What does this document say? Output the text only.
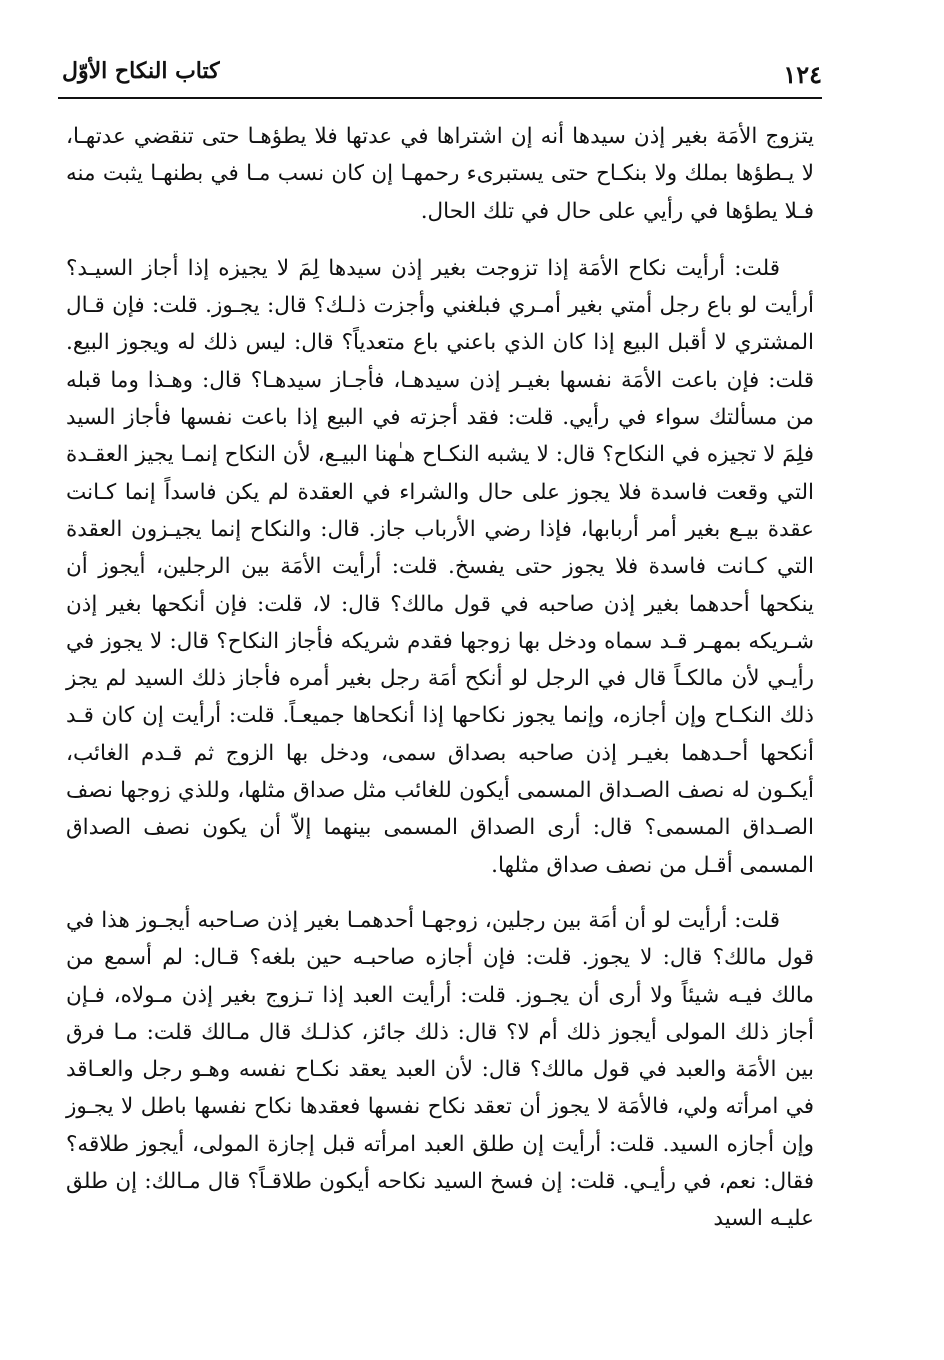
١٢٤
كتاب النكاح الأوّل

يتزوج الأمَة بغير إذن سيدها أنه إن اشتراها في عدتها فلا يطؤهـا حتى تنقضي عدتهـا، لا يـطؤها بملك ولا بنكـاح حتى يستبرىء رحمهـا إن كان نسب مـا في بطنهـا يثبت منه فـلا يطؤها في رأيي على حال في تلك الحال.

قلت: أرأيت نكاح الأمَة إذا تزوجت بغير إذن سيدها لِمَ لا يجيزه إذا أجاز السيـد؟ أرأيت لو باع رجل أمتي بغير أمـري فبلغني وأجزت ذلـك؟ قال: يجـوز. قلت: فإن قـال المشتري لا أقبل البيع إذا كان الذي باعني باع متعدياً؟ قال: ليس ذلك له ويجوز البيع. قلت: فإن باعت الأمَة نفسها بغيـر إذن سيدهـا، فأجـاز سيدهـا؟ قال: وهـذا وما قبله من مسألتك سواء في رأيي. قلت: فقد أجزته في البيع إذا باعت نفسها فأجاز السيد فلِمَ لا تجيزه في النكاح؟ قال: لا يشبه النكـاح هـٰهنا البيـع، لأن النكاح إنمـا يجيز العقـدة التي وقعت فاسدة فلا يجوز على حال والشراء في العقدة لم يكن فاسداً إنما كـانت عقدة بيـع بغير أمر أربابها، فإذا رضي الأرباب جاز. قال: والنكاح إنما يجيـزون العقدة التي كـانت فاسدة فلا يجوز حتى يفسخ. قلت: أرأيت الأمَة بين الرجلين، أيجوز أن ينكحها أحدهما بغير إذن صاحبه في قول مالك؟ قال: لا، قلت: فإن أنكحها بغير إذن شـريكه بمهـر قـد سماه ودخل بها زوجها فقدم شريكه فأجاز النكاح؟ قال: لا يجوز في رأيـي لأن مالكـاً قال في الرجل لو أنكح أمَة رجل بغير أمره فأجاز ذلك السيد لم يجز ذلك النكـاح وإن أجازه، وإنما يجوز نكاحها إذا أنكحاها جميعـاً. قلت: أرأيت إن كان قـد أنكحها أحـدهما بغيـر إذن صاحبه بصداق سمى، ودخل بها الزوج ثم قـدم الغائب، أيكـون له نصف الصـداق المسمى أيكون للغائب مثل صداق مثلها، وللذي زوجها نصف الصـداق المسمى؟ قال: أرى الصداق المسمى بينهما إلاّ أن يكون نصف الصداق المسمى أقـل من نصف صداق مثلها.

قلت: أرأيت لو أن أمَة بين رجلين، زوجهـا أحدهمـا بغير إذن صـاحبه أيجـوز هذا في قول مالك؟ قال: لا يجوز. قلت: فإن أجازه صاحبـه حين بلغه؟ قـال: لم أسمع من مالك فيـه شيئاً ولا أرى أن يجـوز. قلت: أرأيت العبد إذا تـزوج بغير إذن مـولاه، فـإن أجاز ذلك المولى أيجوز ذلك أم لا؟ قال: ذلك جائز، كذلـك قال مـالك قلت: مـا فرق بين الأمَة والعبد في قول مالك؟ قال: لأن العبد يعقد نكـاح نفسه وهـو رجل والعـاقد في امرأته ولي، فالأمَة لا يجوز أن تعقد نكاح نفسها فعقدها نكاح نفسها باطل لا يجـوز وإن أجازه السيد. قلت: أرأيت إن طلق العبد امرأته قبل إجازة المولى، أيجوز طلاقه؟ فقال: نعم، في رأيـي. قلت: إن فسخ السيد نكاحه أيكون طلاقـاً؟ قال مـالك: إن طلق عليـه السيد
